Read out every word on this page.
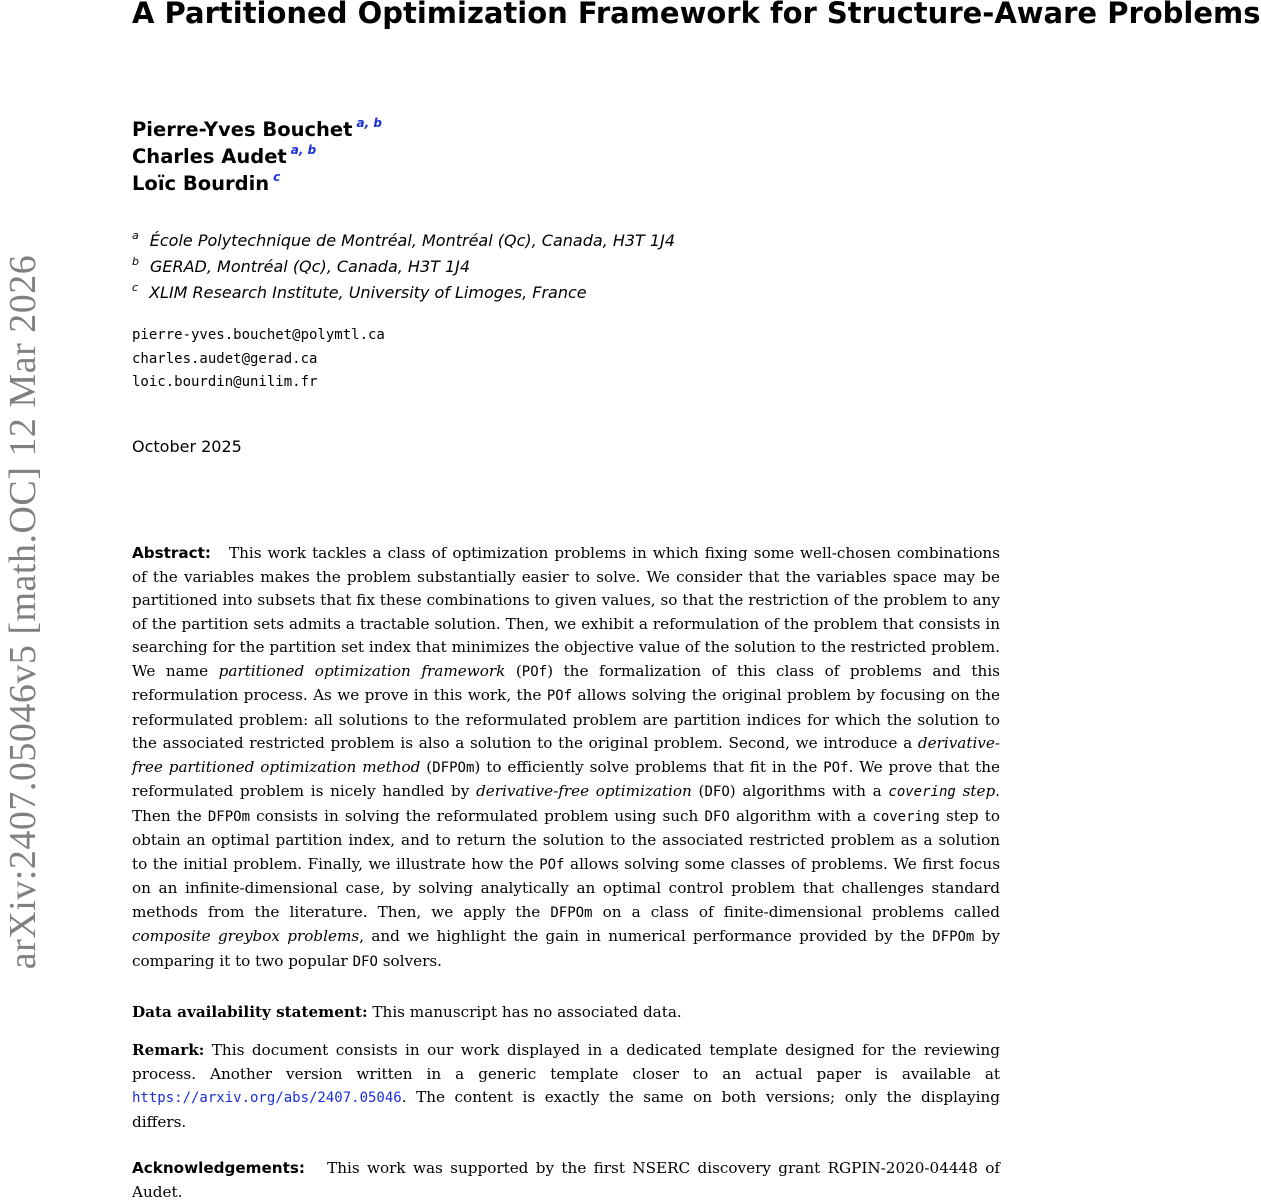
arXiv:2407.05046v5 [math.OC] 12 Mar 2026
A Partitioned Optimization Framework for Structure-Aware Problems
Pierre-Yves Bouchet $^{a, b}$
Charles Audet $^{a, b}$
Loïc Bourdin $^c$
$^a$ École Polytechnique de Montréal, Montréal (Qc), Canada, H3T 1J4
$^b$ GERAD, Montréal (Qc), Canada, H3T 1J4
$^c$ XLIM Research Institute, University of Limoges, France
pierre-yves.bouchet@polymtl.ca
charles.audet@gerad.ca
loic.bourdin@unilim.fr
October 2025

Abstract: This work tackles a class of optimization problems in which fixing some well-chosen combinations of the variables makes the problem substantially easier to solve. We consider that the variables space may be partitioned into subsets that fix these combinations to given values, so that the restriction of the problem to any of the partition sets admits a tractable solution. Then, we exhibit a reformulation of the problem that consists in searching for the partition set index that minimizes the objective value of the solution to the restricted problem. We name partitioned optimization framework (POf) the formalization of this class of problems and this reformulation process. As we prove in this work, the POf allows solving the original problem by focusing on the reformulated problem: all solutions to the reformulated problem are partition indices for which the solution to the associated restricted problem is also a solution to the original problem. Second, we introduce a derivative-free partitioned optimization method (DFPOm) to efficiently solve problems that fit in the POf. We prove that the reformulated problem is nicely handled by derivative-free optimization (DFO) algorithms with a covering step. Then the DFPOm consists in solving the reformulated problem using such DFO algorithm with a covering step to obtain an optimal partition index, and to return the solution to the associated restricted problem as a solution to the initial problem. Finally, we illustrate how the POf allows solving some classes of problems. We first focus on an infinite-dimensional case, by solving analytically an optimal control problem that challenges standard methods from the literature. Then, we apply the DFPOm on a class of finite-dimensional problems called composite greybox problems, and we highlight the gain in numerical performance provided by the DFPOm by comparing it to two popular DFO solvers.

Data availability statement: This manuscript has no associated data.

Remark: This document consists in our work displayed in a dedicated template designed for the reviewing process. Another version written in a generic template closer to an actual paper is available at https://arxiv.org/abs/2407.05046. The content is exactly the same on both versions; only the displaying differs.

Acknowledgements:   This work was supported by the first NSERC discovery grant RGPIN-2020-04448 of Audet.
